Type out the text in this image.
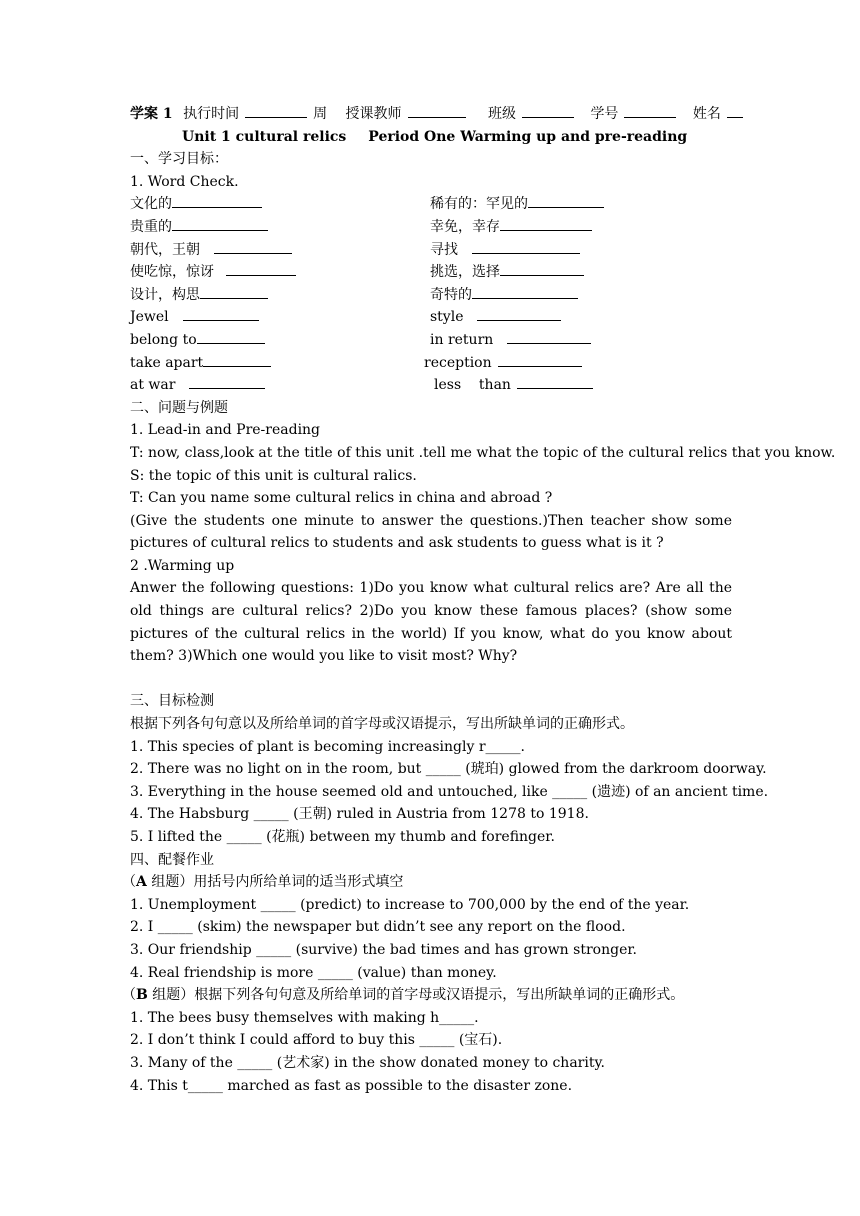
学案 1 执行时间	周 授课教师	班级	学号	姓名
Unit 1 cultural relics Period One Warming up and pre-reading
一、学习目标：
1. Word Check.
文化的	稀有的：罕见的
贵重的	幸免，幸存
朝代，王朝	寻找
使吃惊，惊讶	挑选，选择
设计，构思	奇特的
Jewel	style
belong to	in return
take apart	reception
at war	less    than
二、问题与例题
1. Lead-in and Pre-reading
T: now, class,look at the title of this unit .tell me what the topic of the cultural relics that you know.
S: the topic of this unit is cultural ralics.
T: Can you name some cultural relics in china and abroad ?
(Give the students one minute to answer the questions.)Then teacher show some pictures of cultural relics to students and ask students to guess what is it ?
2 .Warming up
Anwer the following questions: 1)Do you know what cultural relics are? Are all the old things are cultural relics? 2)Do you know these famous places? (show some pictures of the cultural relics in the world) If you know, what do you know about them? 3)Which one would you like to visit most? Why?
三、目标检测
根据下列各句句意以及所给单词的首字母或汉语提示，写出所缺单词的正确形式。
1. This species of plant is becoming increasingly r_____.
2. There was no light on in the room, but _____ (琥珀) glowed from the darkroom doorway.
3. Everything in the house seemed old and untouched, like _____ (遗迹) of an ancient time.
4. The Habsburg _____ (王朝) ruled in Austria from 1278 to 1918.
5. I lifted the _____ (花瓶) between my thumb and forefinger.
四、配餐作业
（A 组题）用括号内所给单词的适当形式填空
1. Unemployment _____ (predict) to increase to 700,000 by the end of the year.
2. I _____ (skim) the newspaper but didn’t see any report on the flood.
3. Our friendship _____ (survive) the bad times and has grown stronger.
4. Real friendship is more _____ (value) than money.
（B 组题）根据下列各句句意及所给单词的首字母或汉语提示，写出所缺单词的正确形式。
1. The bees busy themselves with making h_____.
2. I don’t think I could afford to buy this _____ (宝石).
3. Many of the _____ (艺术家) in the show donated money to charity.
4. This t_____ marched as fast as possible to the disaster zone.
